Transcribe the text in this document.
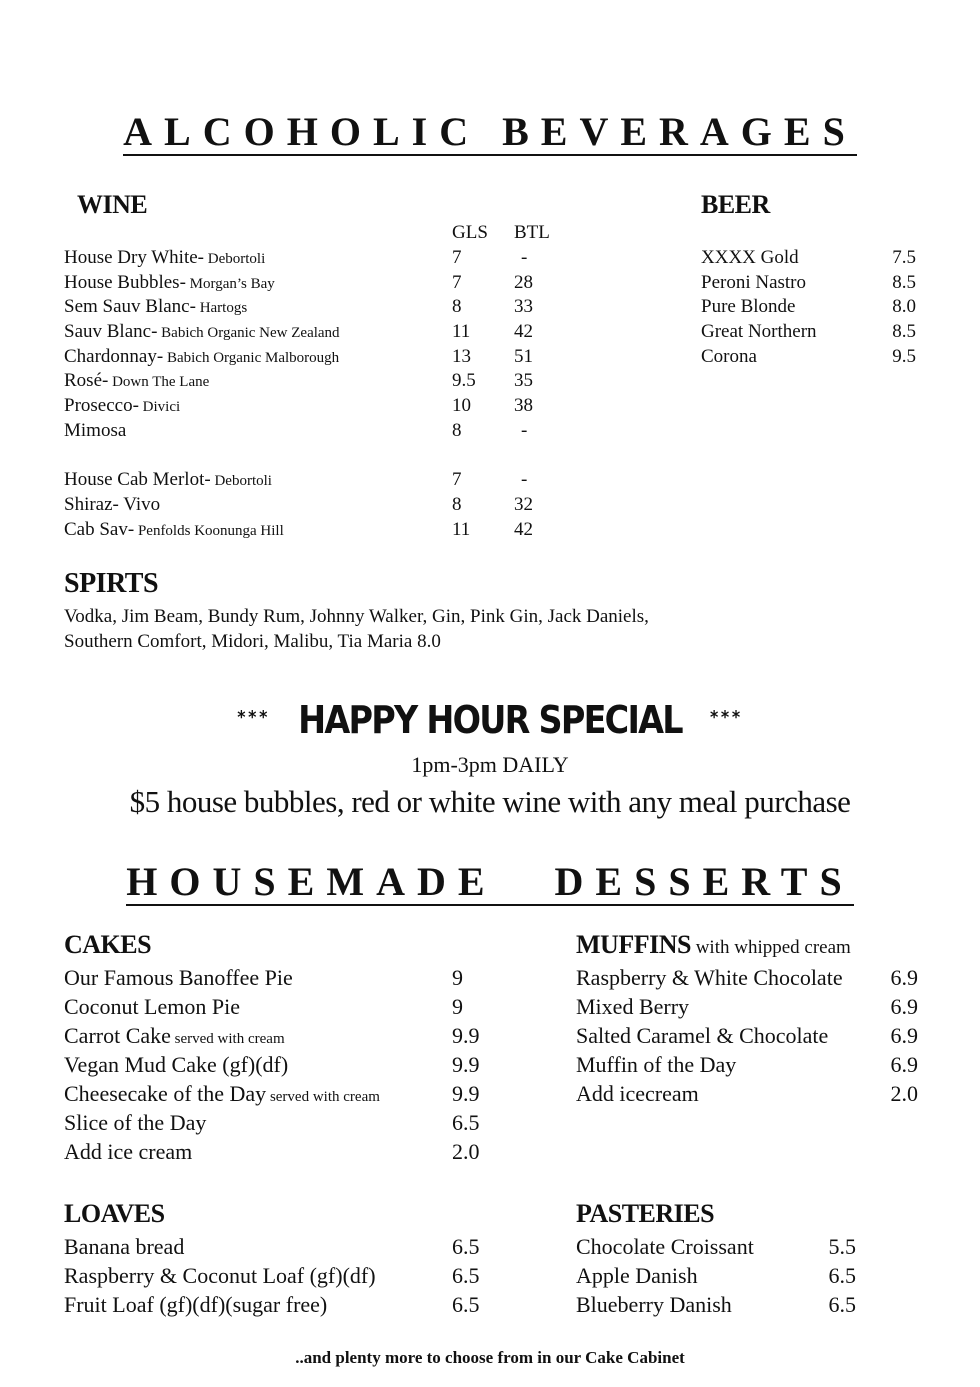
ALCOHOLIC BEVERAGES
WINE
GLS BTL
House Dry White- Debortoli	7	-
House Bubbles- Morgan’s Bay	7	28
Sem Sauv Blanc- Hartogs	8	33
Sauv Blanc- Babich Organic New Zealand	11 42
Chardonnay- Babich Organic Malborough	13 51
Rosé- Down The Lane	9.5 35
Prosecco- Divici	10 38
Mimosa	8	-
House Cab Merlot- Debortoli	7	-
Shiraz- Vivo	8	32
Cab Sav- Penfolds Koonunga Hill	11 42
BEER
XXXX Gold	7.5
Peroni Nastro	8.5
Pure Blonde	8.0
Great Northern	8.5
Corona	9.5
SPIRTS
Vodka, Jim Beam, Bundy Rum, Johnny Walker, Gin, Pink Gin, Jack Daniels,
Southern Comfort, Midori, Malibu, Tia Maria 8.0
*** HAPPY HOUR SPECIAL ***
1pm-3pm DAILY
$5 house bubbles, red or white wine with any meal purchase
HOUSEMADE DESSERTS
CAKES
Our Famous Banoffee Pie	9
Coconut Lemon Pie	9
Carrot Cake served with cream	9.9
Vegan Mud Cake (gf)(df)	9.9
Cheesecake of the Day served with cream	9.9
Slice of the Day	6.5
Add ice cream	2.0
MUFFINS with whipped cream
Raspberry & White Chocolate 6.9
Mixed Berry	6.9
Salted Caramel & Chocolate	6.9
Muffin of the Day	6.9
Add icecream	2.0
LOAVES
Banana bread	6.5
Raspberry & Coconut Loaf (gf)(df)	6.5
Fruit Loaf (gf)(df)(sugar free)	6.5
PASTERIES
Chocolate Croissant	5.5
Apple Danish	6.5
Blueberry Danish	6.5
..and plenty more to choose from in our Cake Cabinet
